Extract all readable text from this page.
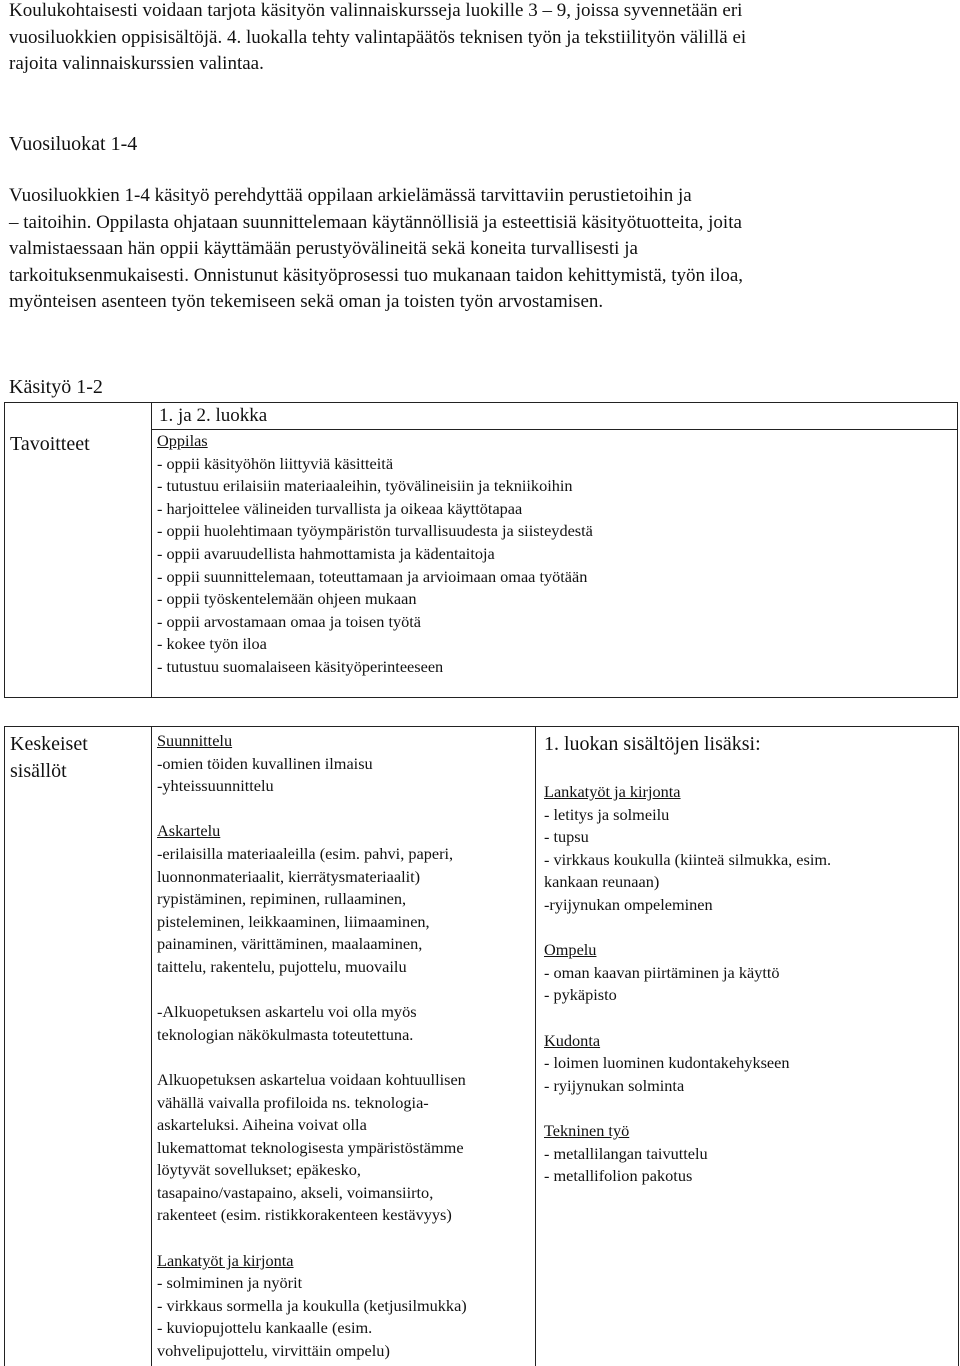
Koulukohtaisesti voidaan tarjota käsityön valinnaiskursseja luokille 3 – 9, joissa syvennetään eri
vuosiluokkien oppisisältöjä. 4. luokalla tehty valintapäätös teknisen työn ja tekstiilityön välillä ei
rajoita valinnaiskurssien valintaa.
Vuosiluokat 1-4
Vuosiluokkien 1-4 käsityö perehdyttää oppilaan arkielämässä tarvittaviin perustietoihin ja
– taitoihin. Oppilasta ohjataan suunnittelemaan käytännöllisiä ja esteettisiä käsityötuotteita, joita
valmistaessaan hän oppii käyttämään perustyövälineitä sekä koneita turvallisesti ja
tarkoituksenmukaisesti. Onnistunut käsityöprosessi tuo mukanaan taidon kehittymistä, työn iloa,
myönteisen asenteen työn tekemiseen sekä oman ja toisten työn arvostamisen.
Käsityö 1-2
1. ja 2. luokka
Tavoitteet	Oppilas
- oppii käsityöhön liittyviä käsitteitä
- tutustuu erilaisiin materiaaleihin, työvälineisiin ja tekniikoihin
- harjoittelee välineiden turvallista ja oikeaa käyttötapaa
- oppii huolehtimaan työympäristön turvallisuudesta ja siisteydestä
- oppii avaruudellista hahmottamista ja kädentaitoja
- oppii suunnittelemaan, toteuttamaan ja arvioimaan omaa työtään
- oppii työskentelemään ohjeen mukaan
- oppii arvostamaan omaa ja toisen työtä
- kokee työn iloa
- tutustuu suomalaiseen käsityöperinteeseen
Keskeiset
sisällöt
Suunnittelu
-omien töiden kuvallinen ilmaisu
-yhteissuunnittelu

Askartelu
-erilaisilla materiaaleilla (esim. pahvi, paperi,
luonnonmateriaalit, kierrätysmateriaalit)
rypistäminen, repiminen, rullaaminen,
pisteleminen, leikkaaminen, liimaaminen,
painaminen, värittäminen, maalaaminen,
taittelu, rakentelu, pujottelu, muovailu

-Alkuopetuksen askartelu voi olla myös
teknologian näkökulmasta toteutettuna.

Alkuopetuksen askartelua voidaan kohtuullisen
vähällä vaivalla profiloida ns. teknologia-
askarteluksi. Aiheina voivat olla
lukemattomat teknologisesta ympäristöstämme
löytyvät sovellukset; epäkesko,
tasapaino/vastapaino, akseli, voimansiirto,
rakenteet (esim. ristikkorakenteen kestävyys)

Lankatyöt ja kirjonta
- solmiminen ja nyörit
- virkkaus sormella ja koukulla (ketjusilmukka)
- kuviopujottelu kankaalle (esim.
vohvelipujottelu, virvittäin ompelu)
1. luokan sisältöjen lisäksi:
Lankatyöt ja kirjonta
- letitys ja solmeilu
- tupsu
- virkkaus koukulla (kiinteä silmukka, esim.
kankaan reunaan)
-ryijynukan ompeleminen

Ompelu
- oman kaavan piirtäminen ja käyttö
- pykäpisto

Kudonta
- loimen luominen kudontakehykseen
- ryijynukan solminta

Tekninen työ
- metallilangan taivuttelu
- metallifolion pakotus
